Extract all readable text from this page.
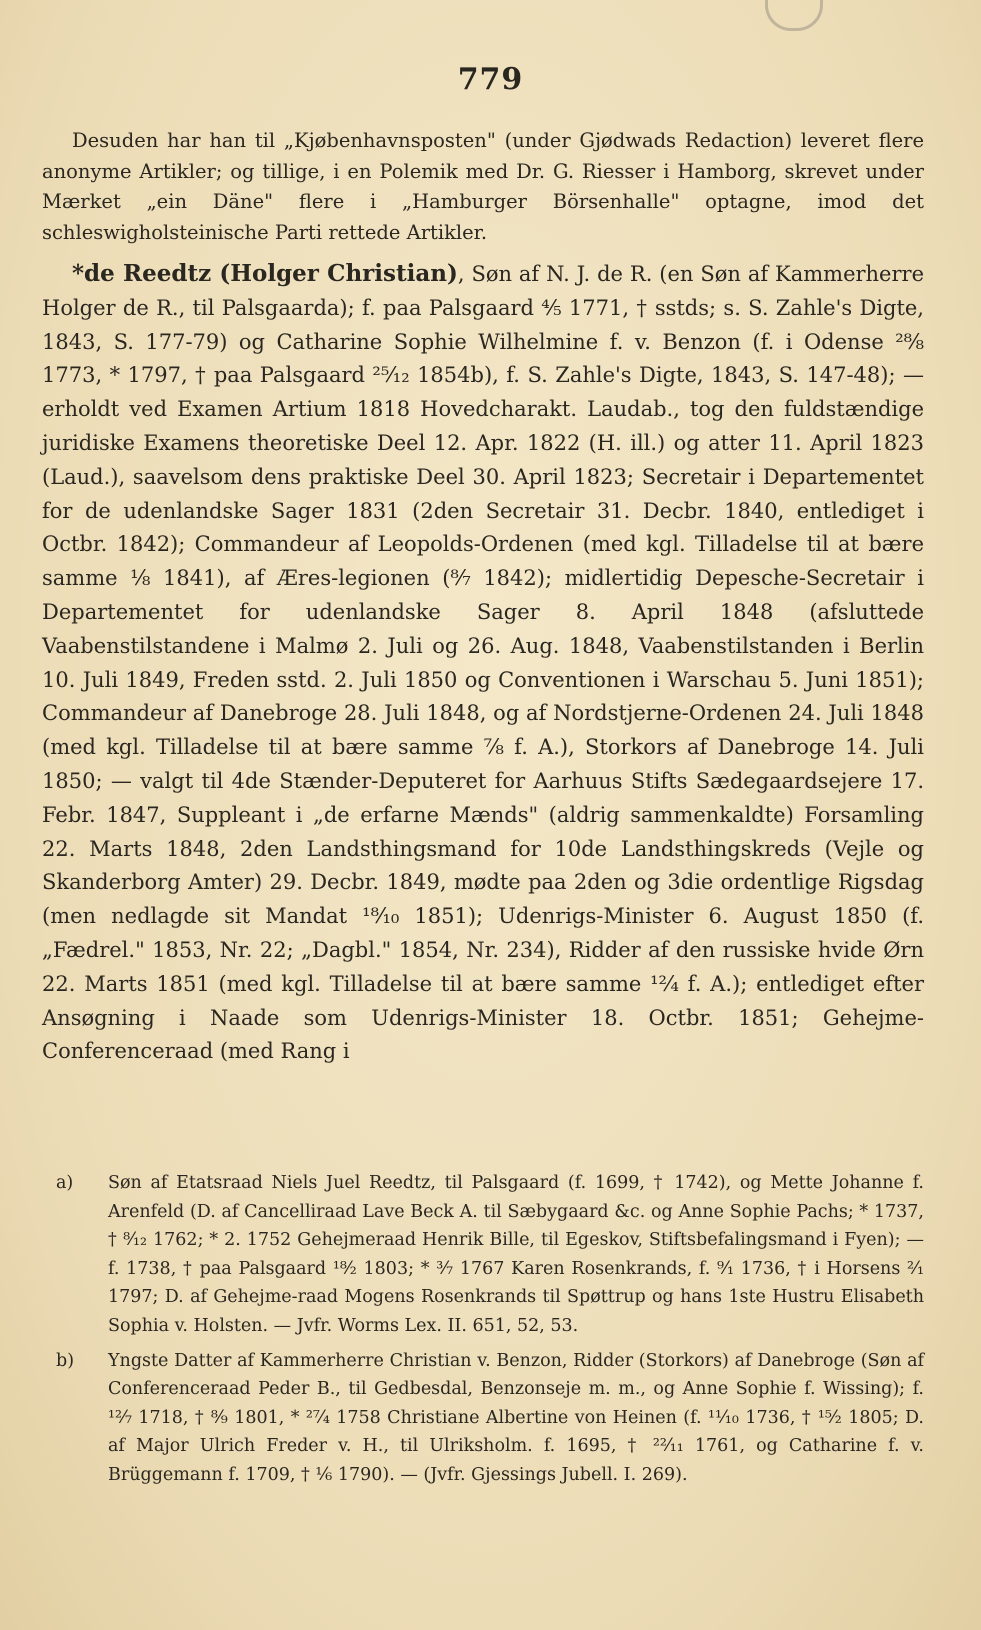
779

Desuden har han til „Kjøbenhavnsposten" (under Gjødwads Redaction) leveret flere anonyme Artikler; og tillige, i en Polemik med Dr. G. Riesser i Hamborg, skrevet under Mærket „ein Däne" flere i „Hamburger Börsenhalle" optagne, imod det schleswigholsteinische Parti rettede Artikler.

*de Reedtz (Holger Christian), Søn af N. J. de R. (en Søn af Kammerherre Holger de R., til Palsgaarda); f. paa Palsgaard ⁴⁄₅ 1771, † sstds; s. S. Zahle's Digte, 1843, S. 177-79) og Catharine Sophie Wilhelmine f. v. Benzon (f. i Odense ²⁸⁄₈ 1773, * 1797, † paa Palsgaard ²⁵⁄₁₂ 1854b), f. S. Zahle's Digte, 1843, S. 147-48); — erholdt ved Examen Artium 1818 Hovedcharakt. Laudab., tog den fuldstændige juridiske Examens theoretiske Deel 12. Apr. 1822 (H. ill.) og atter 11. April 1823 (Laud.), saavelsom dens praktiske Deel 30. April 1823; Secretair i Departementet for de udenlandske Sager 1831 (2den Secretair 31. Decbr. 1840, entlediget i Octbr. 1842); Commandeur af Leopolds-Ordenen (med kgl. Tilladelse til at bære samme ¹⁄₈ 1841), af Æres-legionen (⁸⁄₇ 1842); midlertidig Depesche-Secretair i Departementet for udenlandske Sager 8. April 1848 (afsluttede Vaabenstilstandene i Malmø 2. Juli og 26. Aug. 1848, Vaabenstilstanden i Berlin 10. Juli 1849, Freden sstd. 2. Juli 1850 og Conventionen i Warschau 5. Juni 1851); Commandeur af Danebroge 28. Juli 1848, og af Nordstjerne-Ordenen 24. Juli 1848 (med kgl. Tilladelse til at bære samme ⁷⁄₈ f. A.), Storkors af Danebroge 14. Juli 1850; — valgt til 4de Stænder-Deputeret for Aarhuus Stifts Sædegaardsejere 17. Febr. 1847, Suppleant i „de erfarne Mænds" (aldrig sammenkaldte) Forsamling 22. Marts 1848, 2den Landsthingsmand for 10de Landsthingskreds (Vejle og Skanderborg Amter) 29. Decbr. 1849, mødte paa 2den og 3die ordentlige Rigsdag (men nedlagde sit Mandat ¹⁸⁄₁₀ 1851); Udenrigs-Minister 6. August 1850 (f. „Fædrel." 1853, Nr. 22; „Dagbl." 1854, Nr. 234), Ridder af den russiske hvide Ørn 22. Marts 1851 (med kgl. Tilladelse til at bære samme ¹²⁄₄ f. A.); entlediget efter Ansøgning i Naade som Udenrigs-Minister 18. Octbr. 1851; Gehejme-Conferenceraad (med Rang i

a) Søn af Etatsraad Niels Juel Reedtz, til Palsgaard (f. 1699, † 1742), og Mette Johanne f. Arenfeld (D. af Cancelliraad Lave Beck A. til Sæbygaard &c. og Anne Sophie Pachs; * 1737, † ⁸⁄₁₂ 1762; * 2. 1752 Gehejmeraad Henrik Bille, til Egeskov, Stiftsbefalingsmand i Fyen); — f. 1738, † paa Palsgaard ¹⁸⁄₂ 1803; * ³⁄₇ 1767 Karen Rosenkrands, f. ⁹⁄₁ 1736, † i Horsens ²⁄₁ 1797; D. af Gehejme-raad Mogens Rosenkrands til Spøttrup og hans 1ste Hustru Elisabeth Sophia v. Holsten. — Jvfr. Worms Lex. II. 651, 52, 53.

b) Yngste Datter af Kammerherre Christian v. Benzon, Ridder (Storkors) af Danebroge (Søn af Conferenceraad Peder B., til Gedbesdal, Benzonseje m. m., og Anne Sophie f. Wissing); f. ¹²⁄₇ 1718, † ⁸⁄₉ 1801, * ²⁷⁄₄ 1758 Christiane Albertine von Heinen (f. ¹¹⁄₁₀ 1736, † ¹⁵⁄₂ 1805; D. af Major Ulrich Freder v. H., til Ulriksholm. f. 1695, † ²²⁄₁₁ 1761, og Catharine f. v. Brüggemann f. 1709, † ¹⁄₆ 1790). — (Jvfr. Gjessings Jubell. I. 269).
